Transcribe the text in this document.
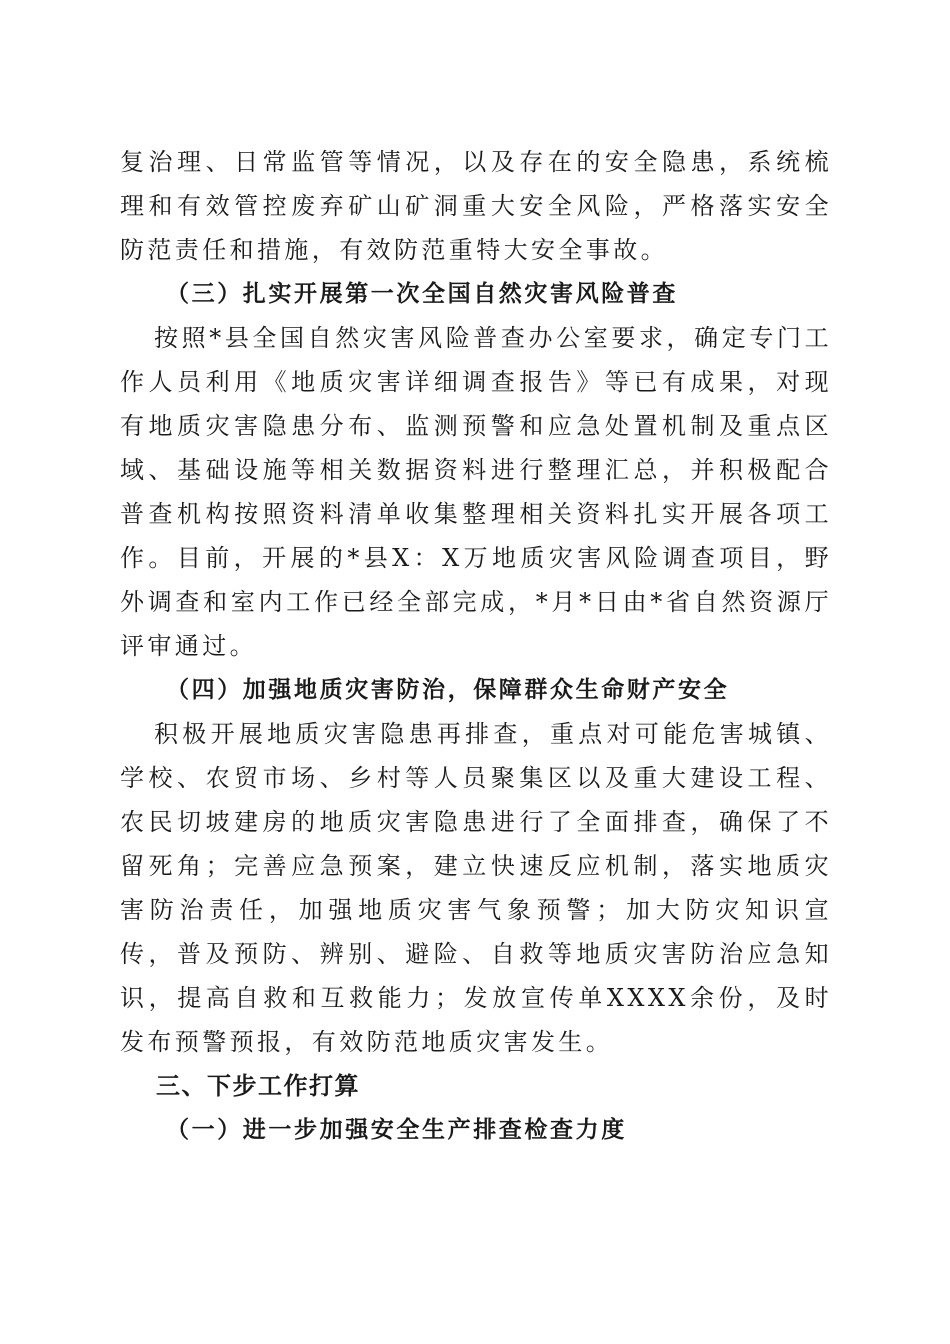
复治理、日常监管等情况，以及存在的安全隐患，系统梳理和有效管控废弃矿山矿洞重大安全风险，严格落实安全防范责任和措施，有效防范重特大安全事故。

（三）扎实开展第一次全国自然灾害风险普查

按照*县全国自然灾害风险普查办公室要求，确定专门工作人员利用《地质灾害详细调查报告》等已有成果，对现有地质灾害隐患分布、监测预警和应急处置机制及重点区域、基础设施等相关数据资料进行整理汇总，并积极配合普查机构按照资料清单收集整理相关资料扎实开展各项工作。目前，开展的*县X：X万地质灾害风险调查项目，野外调查和室内工作已经全部完成，*月*日由*省自然资源厅评审通过。

（四）加强地质灾害防治，保障群众生命财产安全

积极开展地质灾害隐患再排查，重点对可能危害城镇、学校、农贸市场、乡村等人员聚集区以及重大建设工程、农民切坡建房的地质灾害隐患进行了全面排查，确保了不留死角；完善应急预案，建立快速反应机制，落实地质灾害防治责任，加强地质灾害气象预警；加大防灾知识宣传，普及预防、辨别、避险、自救等地质灾害防治应急知识，提高自救和互救能力；发放宣传单XXXX余份，及时发布预警预报，有效防范地质灾害发生。

三、下步工作打算
（一）进一步加强安全生产排查检查力度
